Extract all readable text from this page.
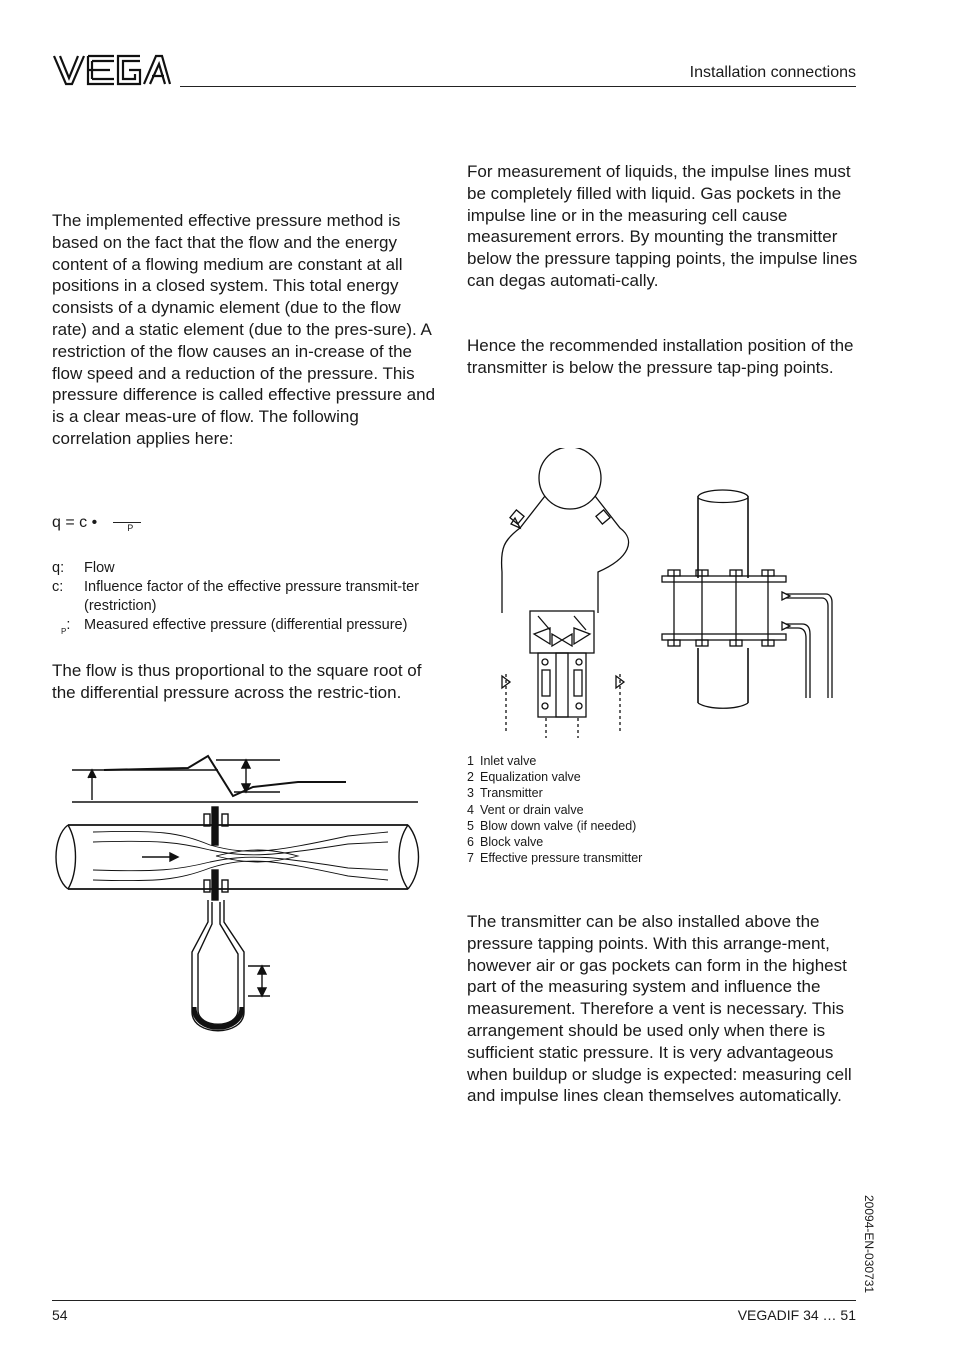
Installation connections
The implemented effective pressure method is based on the fact that the flow and the energy content of a flowing medium are constant at all positions in a closed system. This total energy consists of a dynamic element (due to the flow rate) and a static element (due to the pres-sure). A restriction of the flow causes an in-crease of the flow speed and a reduction of the pressure. This pressure difference is called effective pressure and is a clear meas-ure of flow. The following correlation applies here:
q = c •	P
q:	Flow
c:	Influence factor of the effective pressure transmit-ter (restriction)
$_P$: Measured effective pressure (differential pressure)
The flow is thus proportional to the square root of the differential pressure across the restric-tion.
For measurement of liquids, the impulse lines must be completely filled with liquid. Gas pockets in the impulse line or in the measuring cell cause measurement errors. By mounting the transmitter below the pressure tapping points, the impulse lines can degas automati-cally.
Hence the recommended installation position of the transmitter is below the pressure tap-ping points.
1 Inlet valve
2 Equalization valve
3 Transmitter
4 Vent or drain valve
5 Blow down valve (if needed)
6 Block valve
7 Effective pressure transmitter
The transmitter can be also installed above the pressure tapping points. With this arrange-ment, however air or gas pockets can form in the highest part of the measuring system and influence the measurement. Therefore a vent is necessary. This arrangement should be used only when there is sufficient static pressure. It is very advantageous when buildup or sludge is expected: measuring cell and impulse lines clean themselves automatically.
20094-EN-030731
54	VEGADIF 34 … 51
